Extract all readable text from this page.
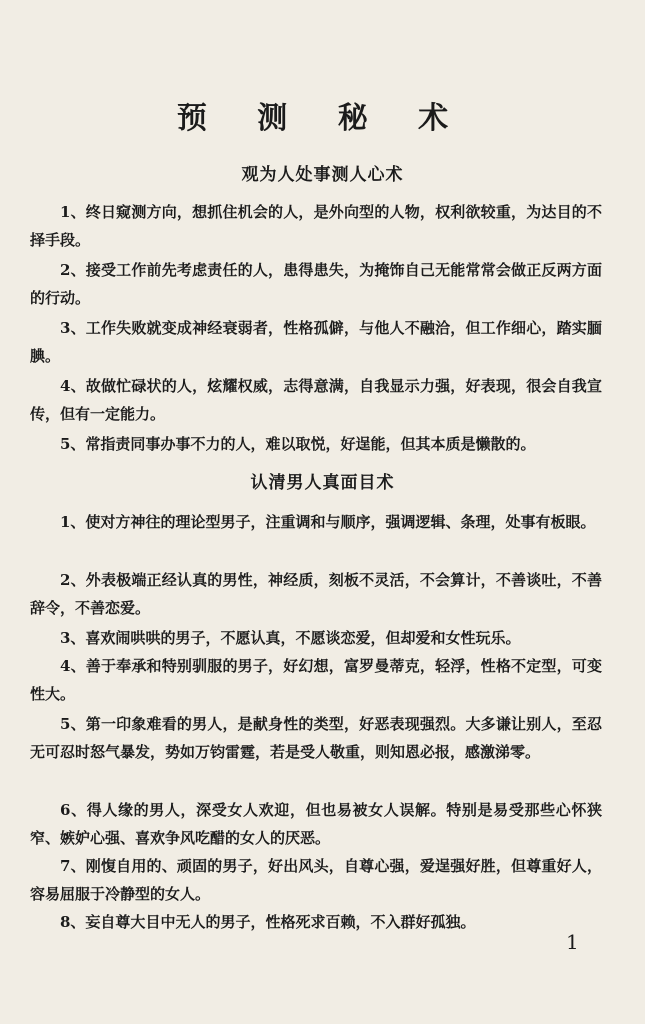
预 测 秘 术
观为人处事测人心术

1、终日窥测方向，想抓住机会的人，是外向型的人物，权利欲较重，为达目的不择手段。

2、接受工作前先考虑责任的人，患得患失，为掩饰自己无能常常会做正反两方面的行动。

3、工作失败就变成神经衰弱者，性格孤僻，与他人不融洽，但工作细心，踏实腼腆。

4、故做忙碌状的人，炫耀权威，志得意满，自我显示力强，好表现，很会自我宣传，但有一定能力。

5、常指责同事办事不力的人，难以取悦，好逞能，但其本质是懒散的。

认清男人真面目术

1、使对方神往的理论型男子，注重调和与顺序，强调逻辑、条理，处事有板眼。

2、外表极端正经认真的男性，神经质，刻板不灵活，不会算计，不善谈吐，不善辞令，不善恋爱。

3、喜欢闹哄哄的男子，不愿认真，不愿谈恋爱，但却爱和女性玩乐。

4、善于奉承和特别驯服的男子，好幻想，富罗曼蒂克，轻浮，性格不定型，可变性大。

5、第一印象难看的男人，是献身性的类型，好恶表现强烈。大多谦让别人，至忍无可忍时怒气暴发，势如万钧雷霆，若是受人敬重，则知恩必报，感激涕零。

6、得人缘的男人，深受女人欢迎，但也易被女人误解。特别是易受那些心怀狭窄、嫉妒心强、喜欢争风吃醋的女人的厌恶。

7、刚愎自用的、顽固的男子，好出风头，自尊心强，爱逞强好胜，但尊重好人，容易屈服于冷静型的女人。

8、妄自尊大目中无人的男子，性格死求百赖，不入群好孤独。

1
